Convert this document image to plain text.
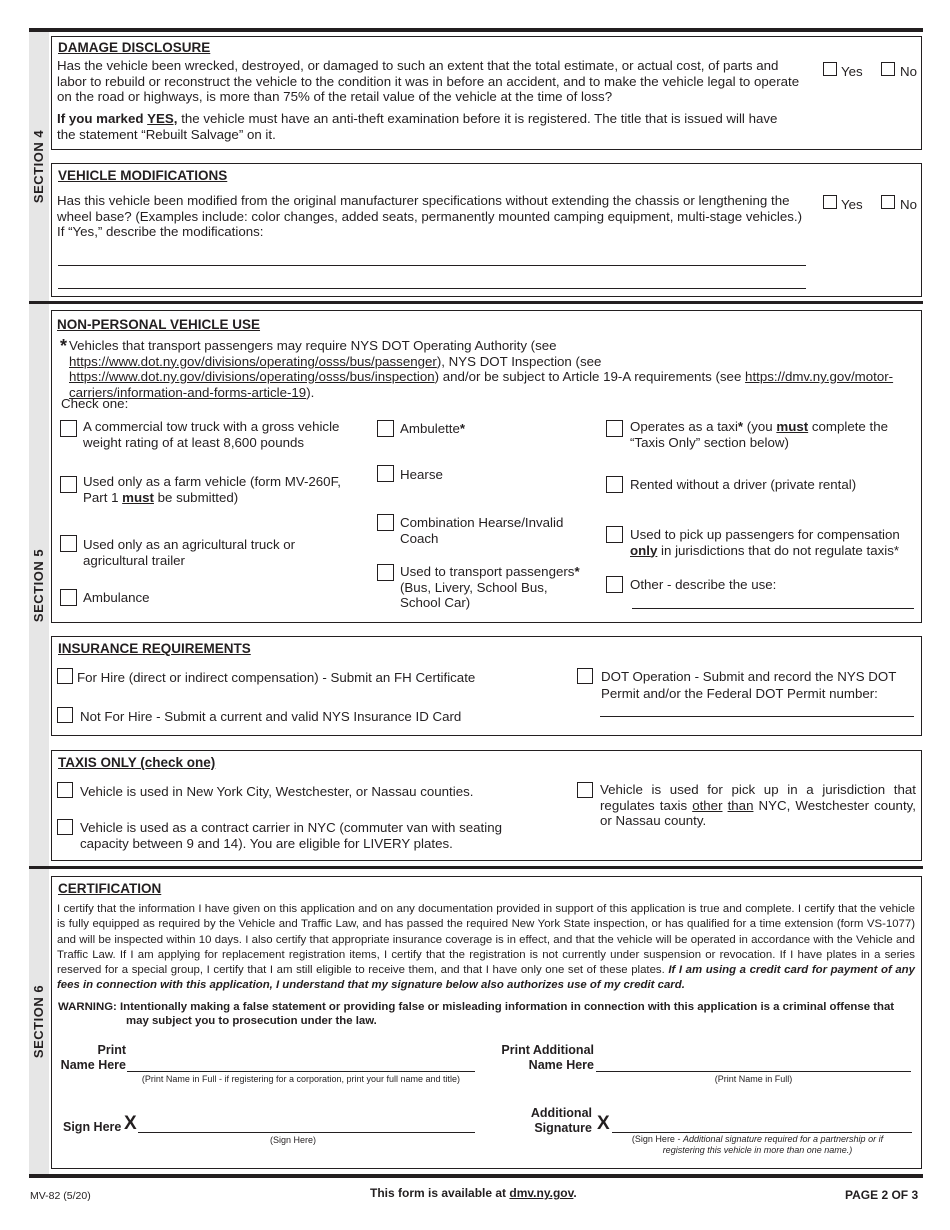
SECTION 4
DAMAGE DISCLOSURE
Has the vehicle been wrecked, destroyed, or damaged to such an extent that the total estimate, or actual cost, of parts and labor to rebuild or reconstruct the vehicle to the condition it was in before an accident, and to make the vehicle legal to operate on the road or highways, is more than 75% of the retail value of the vehicle at the time of loss?
If you marked YES, the vehicle must have an anti-theft examination before it is registered. The title that is issued will have the statement “Rebuilt Salvage” on it.
Yes	No
VEHICLE MODIFICATIONS
Has this vehicle been modified from the original manufacturer specifications without extending the chassis or lengthening the wheel base? (Examples include: color changes, added seats, permanently mounted camping equipment, multi-stage vehicles.) If “Yes,” describe the modifications:
Yes	No
SECTION 5
NON-PERSONAL VEHICLE USE
* Vehicles that transport passengers may require NYS DOT Operating Authority (see https://www.dot.ny.gov/divisions/operating/osss/bus/passenger), NYS DOT Inspection (see https://www.dot.ny.gov/divisions/operating/osss/bus/inspection) and/or be subject to Article 19-A requirements (see https://dmv.ny.gov/motor-carriers/information-and-forms-article-19).
Check one:
A commercial tow truck with a gross vehicle weight rating of at least 8,600 pounds
Used only as a farm vehicle (form MV-260F, Part 1 must be submitted)
Used only as an agricultural truck or agricultural trailer
Ambulance
Ambulette*
Hearse
Combination Hearse/Invalid Coach
Used to transport passengers*
(Bus, Livery, School Bus, School Car)
Operates as a taxi* (you must complete the “Taxis Only” section below)
Rented without a driver (private rental)
Used to pick up passengers for compensation only in jurisdictions that do not regulate taxis*
Other - describe the use:
INSURANCE REQUIREMENTS
For Hire (direct or indirect compensation) - Submit an FH Certificate
Not For Hire - Submit a current and valid NYS Insurance ID Card
DOT Operation - Submit and record the NYS DOT Permit and/or the Federal DOT Permit number:
TAXIS ONLY (check one)
Vehicle is used in New York City, Westchester, or Nassau counties.
Vehicle is used as a contract carrier in NYC (commuter van with seating capacity between 9 and 14). You are eligible for LIVERY plates.
Vehicle is used for pick up in a jurisdiction that regulates taxis other than NYC, Westchester county, or Nassau county.
SECTION 6
CERTIFICATION
I certify that the information I have given on this application and on any documentation provided in support of this application is true and complete. I certify that the vehicle is fully equipped as required by the Vehicle and Traffic Law, and has passed the required New York State inspection, or has qualified for a time extension (form VS-1077) and will be inspected within 10 days. I also certify that appropriate insurance coverage is in effect, and that the vehicle will be operated in accordance with the Vehicle and Traffic Law. If I am applying for replacement registration items, I certify that the registration is not currently under suspension or revocation. If I have plates in a series reserved for a special group, I certify that I am still eligible to receive them, and that I have only one set of these plates. If I am using a credit card for payment of any fees in connection with this application, I understand that my signature below also authorizes use of my credit card.
WARNING: Intentionally making a false statement or providing false or misleading information in connection with this application is a criminal offense that may subject you to prosecution under the law.
Print
Name Here
(Print Name in Full - if registering for a corporation, print your full name and title)
Print Additional
Name Here
(Print Name in Full)
Sign Here X
(Sign Here)
Additional
Signature X
(Sign Here - Additional signature required for a partnership or if registering this vehicle in more than one name.)
MV-82 (5/20)	This form is available at dmv.ny.gov.	PAGE 2 OF 3
